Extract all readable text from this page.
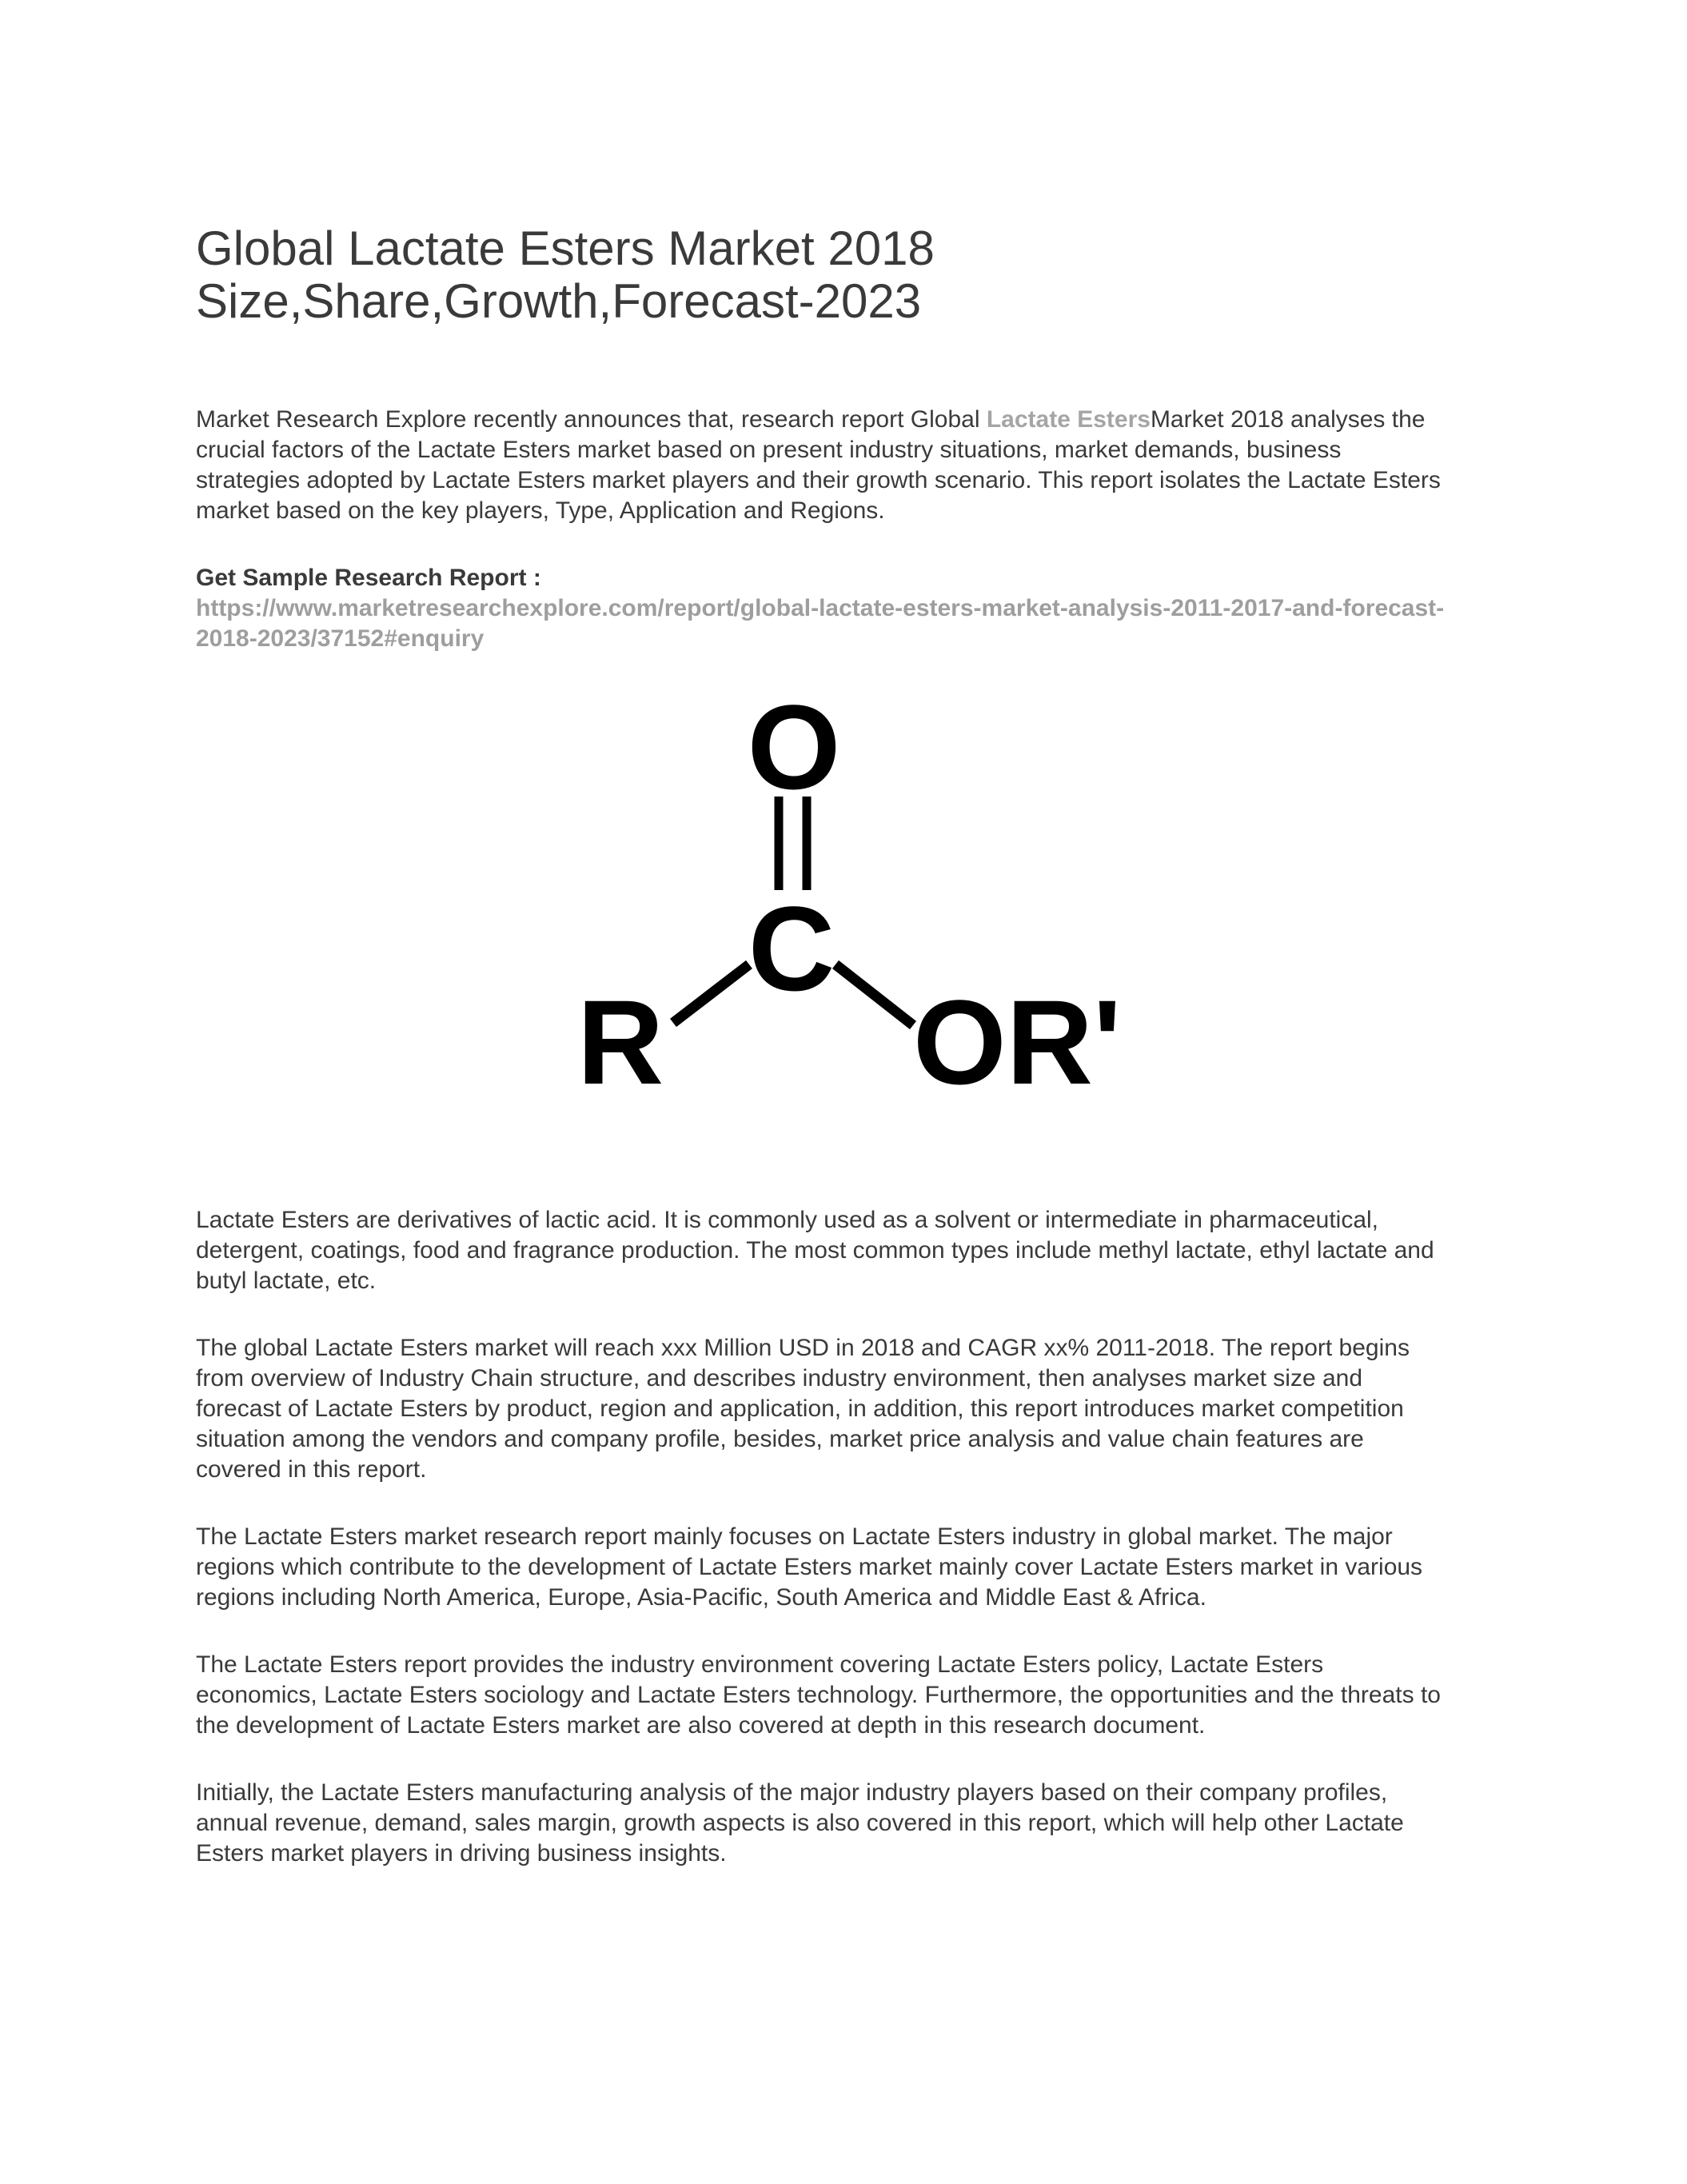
Global Lactate Esters Market 2018
Size,Share,Growth,Forecast-2023

Market Research Explore recently announces that, research report Global Lactate EstersMarket 2018 analyses the crucial factors of the Lactate Esters market based on present industry situations, market demands, business strategies adopted by Lactate Esters market players and their growth scenario. This report isolates the Lactate Esters market based on the key players, Type, Application and Regions.

Get Sample Research Report :
https://www.marketresearchexplore.com/report/global-lactate-esters-market-analysis-2011-2017-and-forecast-2018-2023/37152#enquiry
O
C
R OR'

Lactate Esters are derivatives of lactic acid. It is commonly used as a solvent or intermediate in pharmaceutical, detergent, coatings, food and fragrance production. The most common types include methyl lactate, ethyl lactate and butyl lactate, etc.

The global Lactate Esters market will reach xxx Million USD in 2018 and CAGR xx% 2011-2018. The report begins from overview of Industry Chain structure, and describes industry environment, then analyses market size and forecast of Lactate Esters by product, region and application, in addition, this report introduces market competition situation among the vendors and company profile, besides, market price analysis and value chain features are covered in this report.

The Lactate Esters market research report mainly focuses on Lactate Esters industry in global market. The major regions which contribute to the development of Lactate Esters market mainly cover Lactate Esters market in various regions including North America, Europe, Asia-Pacific, South America and Middle East & Africa.

The Lactate Esters report provides the industry environment covering Lactate Esters policy, Lactate Esters economics, Lactate Esters sociology and Lactate Esters technology. Furthermore, the opportunities and the threats to the development of Lactate Esters market are also covered at depth in this research document.

Initially, the Lactate Esters manufacturing analysis of the major industry players based on their company profiles, annual revenue, demand, sales margin, growth aspects is also covered in this report, which will help other Lactate Esters market players in driving business insights.
